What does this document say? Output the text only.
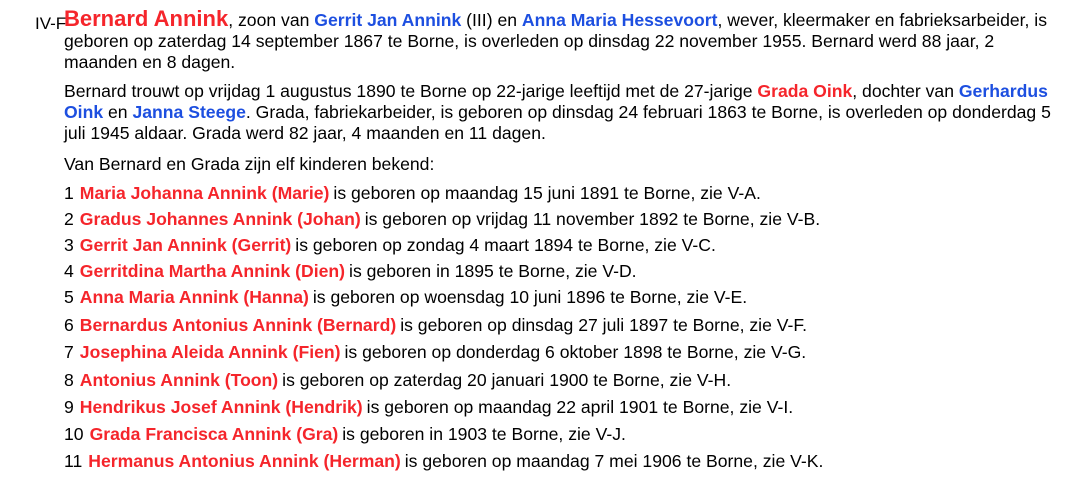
IV-F
Bernard Annink, zoon van Gerrit Jan Annink (III) en Anna Maria Hessevoort, wever, kleermaker en fabrieksarbeider, is geboren op zaterdag 14 september 1867 te Borne, is overleden op dinsdag 22 november 1955. Bernard werd 88 jaar, 2 maanden en 8 dagen.
Bernard trouwt op vrijdag 1 augustus 1890 te Borne op 22-jarige leeftijd met de 27-jarige Grada Oink, dochter van Gerhardus Oink en Janna Steege. Grada, fabriekarbeider, is geboren op dinsdag 24 februari 1863 te Borne, is overleden op donderdag 5 juli 1945 aldaar. Grada werd 82 jaar, 4 maanden en 11 dagen.
Van Bernard en Grada zijn elf kinderen bekend:
1 Maria Johanna Annink (Marie) is geboren op maandag 15 juni 1891 te Borne, zie V-A.
2 Gradus Johannes Annink (Johan) is geboren op vrijdag 11 november 1892 te Borne, zie V-B.
3 Gerrit Jan Annink (Gerrit) is geboren op zondag 4 maart 1894 te Borne, zie V-C.
4 Gerritdina Martha Annink (Dien) is geboren in 1895 te Borne, zie V-D.
5 Anna Maria Annink (Hanna) is geboren op woensdag 10 juni 1896 te Borne, zie V-E.
6 Bernardus Antonius Annink (Bernard) is geboren op dinsdag 27 juli 1897 te Borne, zie V-F.
7 Josephina Aleida Annink (Fien) is geboren op donderdag 6 oktober 1898 te Borne, zie V-G.
8 Antonius Annink (Toon) is geboren op zaterdag 20 januari 1900 te Borne, zie V-H.
9 Hendrikus Josef Annink (Hendrik) is geboren op maandag 22 april 1901 te Borne, zie V-I.
10 Grada Francisca Annink (Gra) is geboren in 1903 te Borne, zie V-J.
11 Hermanus Antonius Annink (Herman) is geboren op maandag 7 mei 1906 te Borne, zie V-K.
